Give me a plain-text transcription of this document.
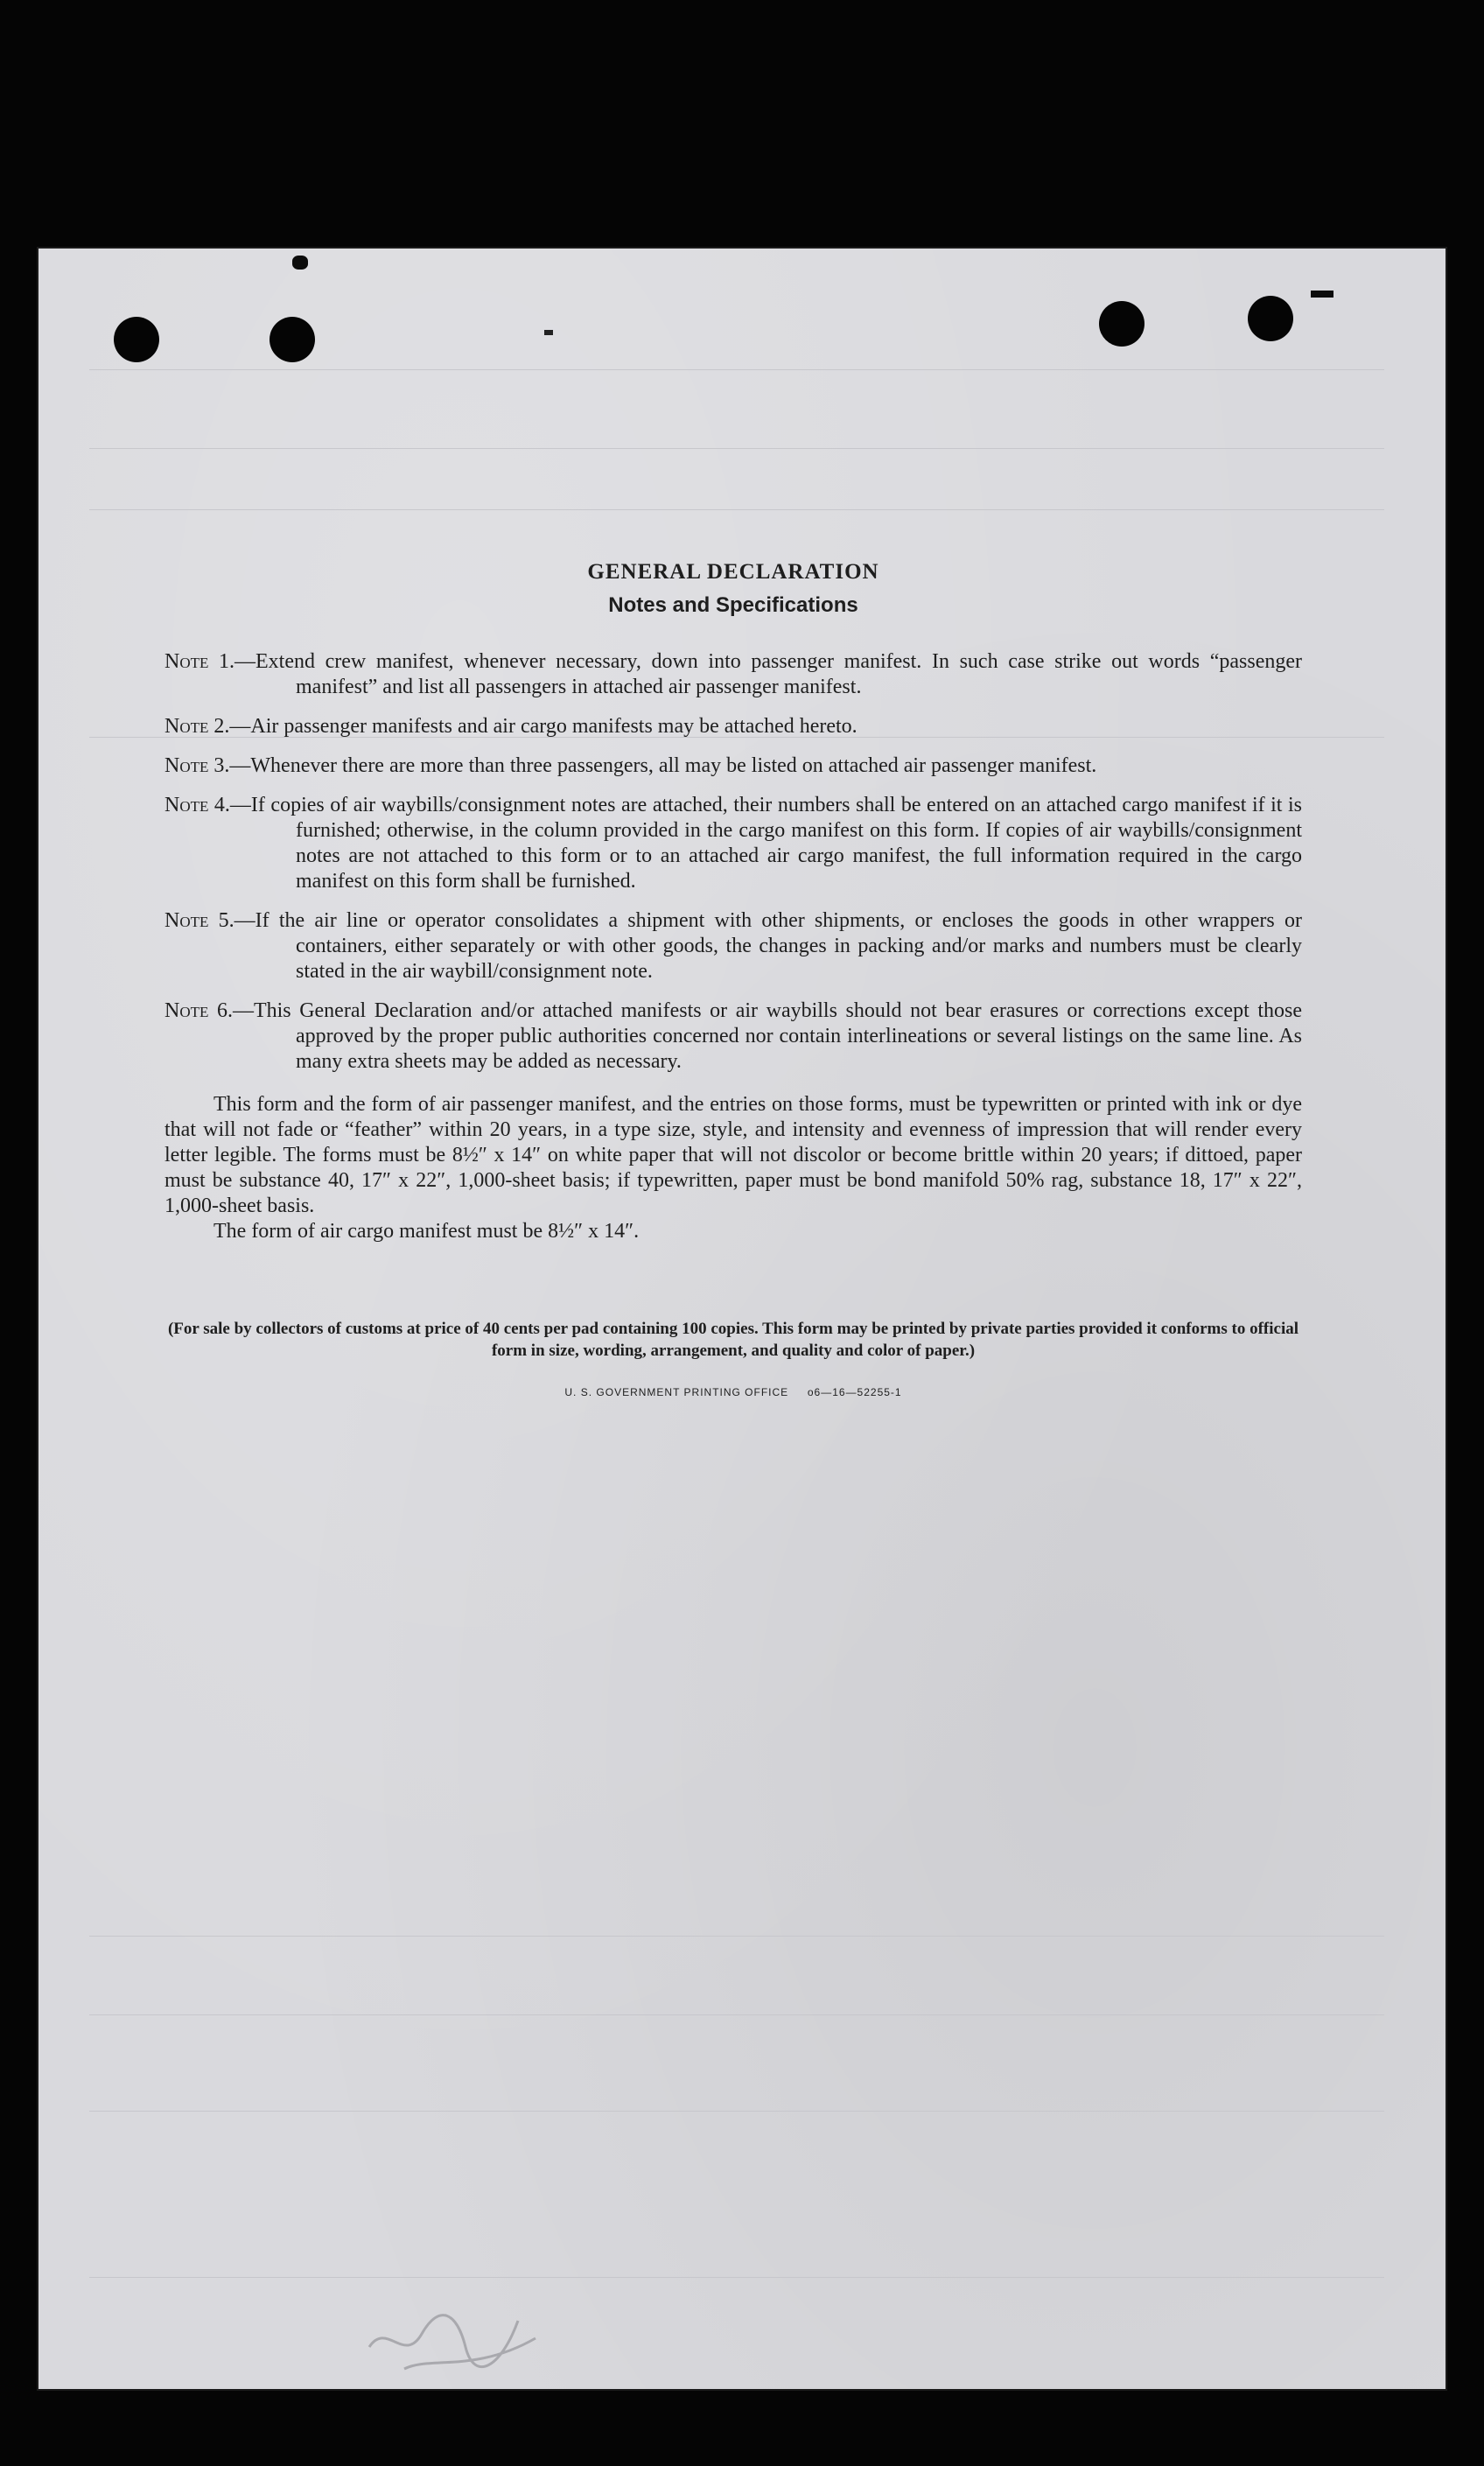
GENERAL DECLARATION
Notes and Specifications
Note 1.—Extend crew manifest, whenever necessary, down into passenger manifest. In such case strike out words “passenger manifest” and list all passengers in attached air passenger manifest.
Note 2.—Air passenger manifests and air cargo manifests may be attached hereto.
Note 3.—Whenever there are more than three passengers, all may be listed on attached air passenger manifest.
Note 4.—If copies of air waybills/consignment notes are attached, their numbers shall be entered on an attached cargo manifest if it is furnished; otherwise, in the column provided in the cargo manifest on this form. If copies of air waybills/consignment notes are not attached to this form or to an attached air cargo manifest, the full information required in the cargo manifest on this form shall be furnished.
Note 5.—If the air line or operator consolidates a shipment with other shipments, or encloses the goods in other wrappers or containers, either separately or with other goods, the changes in packing and/or marks and numbers must be clearly stated in the air waybill/consignment note.
Note 6.—This General Declaration and/or attached manifests or air waybills should not bear erasures or corrections except those approved by the proper public authorities concerned nor contain interlineations or several listings on the same line. As many extra sheets may be added as necessary.

This form and the form of air passenger manifest, and the entries on those forms, must be typewritten or printed with ink or dye that will not fade or “feather” within 20 years, in a type size, style, and intensity and evenness of impression that will render every letter legible. The forms must be 8½″ x 14″ on white paper that will not discolor or become brittle within 20 years; if dittoed, paper must be substance 40, 17″ x 22″, 1,000-sheet basis; if typewritten, paper must be bond manifold 50% rag, substance 18, 17″ x 22″, 1,000-sheet basis.

The form of air cargo manifest must be 8½″ x 14″.

(For sale by collectors of customs at price of 40 cents per pad containing 100 copies. This form may be printed by private parties provided it conforms to official form in size, wording, arrangement, and quality and color of paper.)

U. S. GOVERNMENT PRINTING OFFICE o6—16—52255-1
